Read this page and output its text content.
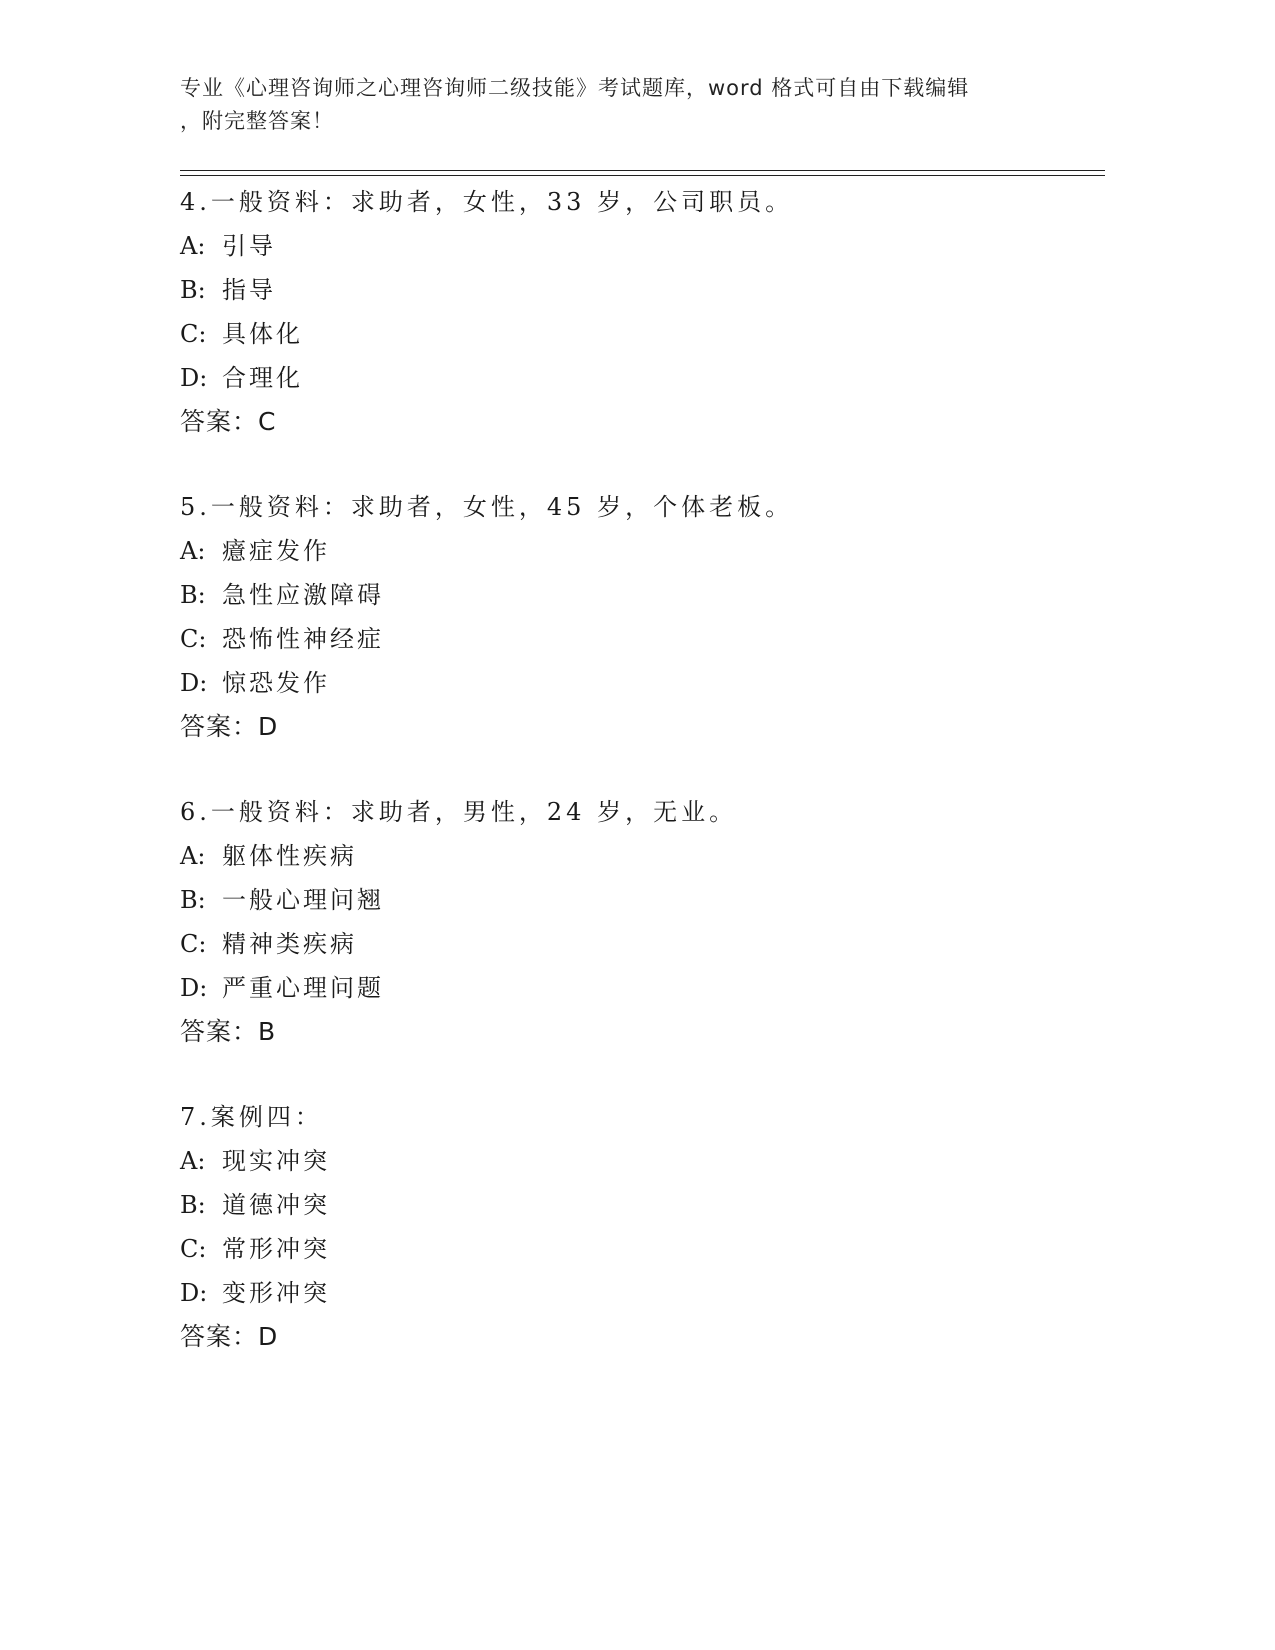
专业《心理咨询师之心理咨询师二级技能》考试题库，word 格式可自由下载编辑
，附完整答案！
4.一般资料：求助者，女性，33 岁，公司职员。
A: 引导
B: 指导
C: 具体化
D: 合理化
答案：C
5.一般资料：求助者，女性，45 岁，个体老板。
A: 癔症发作
B: 急性应激障碍
C: 恐怖性神经症
D: 惊恐发作
答案：D
6.一般资料：求助者，男性，24 岁，无业。
A: 躯体性疾病
B: 一般心理问翘
C: 精神类疾病
D: 严重心理问题
答案：B
7.案例四：
A: 现实冲突
B: 道德冲突
C: 常形冲突
D: 变形冲突
答案：D
